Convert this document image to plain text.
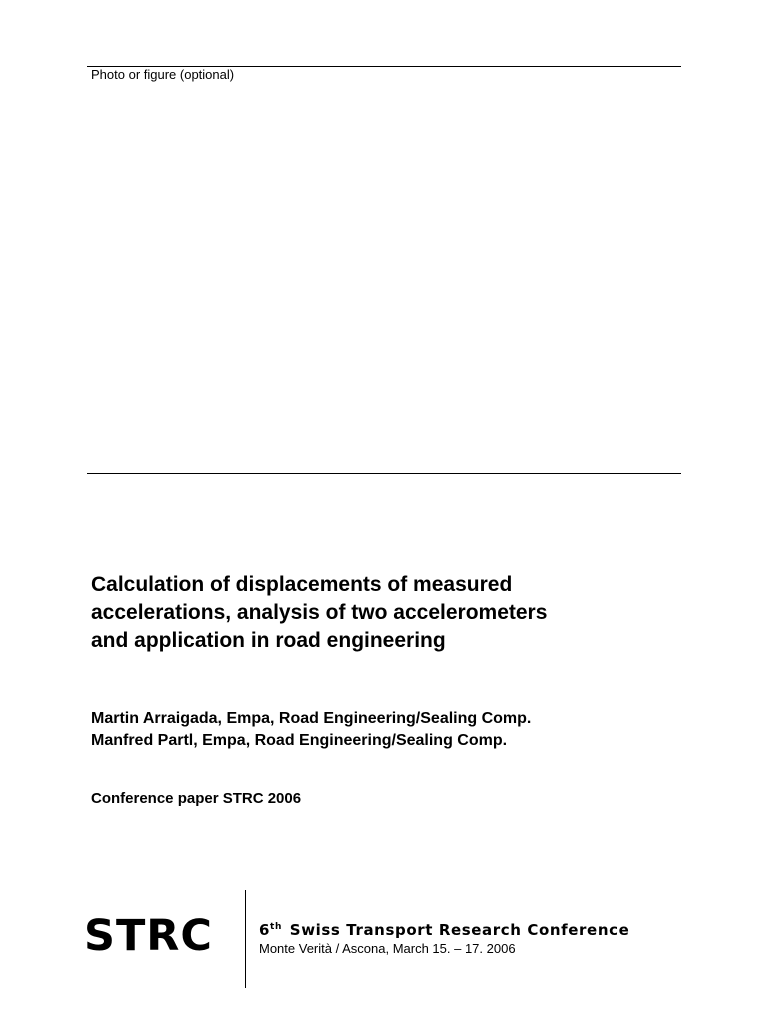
Photo or figure (optional)
Calculation of displacements of measured
accelerations, analysis of two accelerometers
and application in road engineering
Martin Arraigada, Empa, Road Engineering/Sealing Comp.
Manfred Partl, Empa, Road Engineering/Sealing Comp.
Conference paper STRC 2006
STRC	6th Swiss Transport Research Conference
Monte Verità / Ascona, March 15. – 17. 2006
